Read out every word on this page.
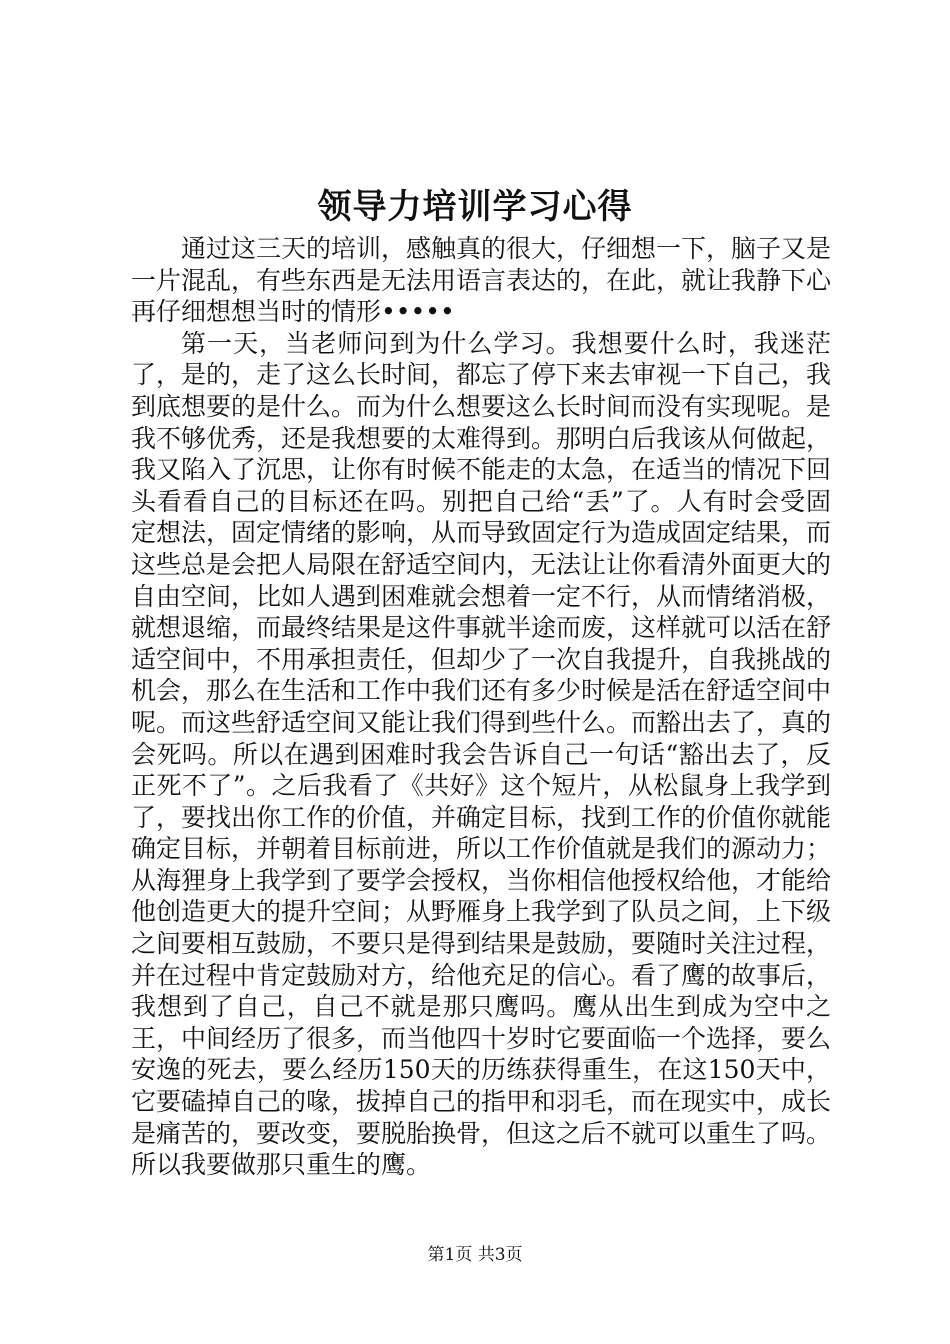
领导力培训学习心得

通过这三天的培训，感触真的很大，仔细想一下，脑子又是一片混乱，有些东西是无法用语言表达的，在此，就让我静下心再仔细想想当时的情形•••••

第一天，当老师问到为什么学习。我想要什么时，我迷茫了，是的，走了这么长时间，都忘了停下来去审视一下自己，我到底想要的是什么。而为什么想要这么长时间而没有实现呢。是我不够优秀，还是我想要的太难得到。那明白后我该从何做起，我又陷入了沉思，让你有时候不能走的太急，在适当的情况下回头看看自己的目标还在吗。别把自己给“丢”了。人有时会受固定想法，固定情绪的影响，从而导致固定行为造成固定结果，而这些总是会把人局限在舒适空间内，无法让让你看清外面更大的自由空间，比如人遇到困难就会想着一定不行，从而情绪消极，就想退缩，而最终结果是这件事就半途而废，这样就可以活在舒适空间中，不用承担责任，但却少了一次自我提升，自我挑战的机会，那么在生活和工作中我们还有多少时候是活在舒适空间中呢。而这些舒适空间又能让我们得到些什么。而豁出去了，真的会死吗。所以在遇到困难时我会告诉自己一句话“豁出去了，反正死不了”。之后我看了《共好》这个短片，从松鼠身上我学到了，要找出你工作的价值，并确定目标，找到工作的价值你就能确定目标，并朝着目标前进，所以工作价值就是我们的源动力；从海狸身上我学到了要学会授权，当你相信他授权给他，才能给他创造更大的提升空间；从野雁身上我学到了队员之间，上下级之间要相互鼓励，不要只是得到结果是鼓励，要随时关注过程，并在过程中肯定鼓励对方，给他充足的信心。看了鹰的故事后，我想到了自己，自己不就是那只鹰吗。鹰从出生到成为空中之王，中间经历了很多，而当他四十岁时它要面临一个选择，要么安逸的死去，要么经历150天的历练获得重生，在这150天中，它要磕掉自己的喙，拔掉自己的指甲和羽毛，而在现实中，成长是痛苦的，要改变，要脱胎换骨，但这之后不就可以重生了吗。所以我要做那只重生的鹰。

第1页 共3页
